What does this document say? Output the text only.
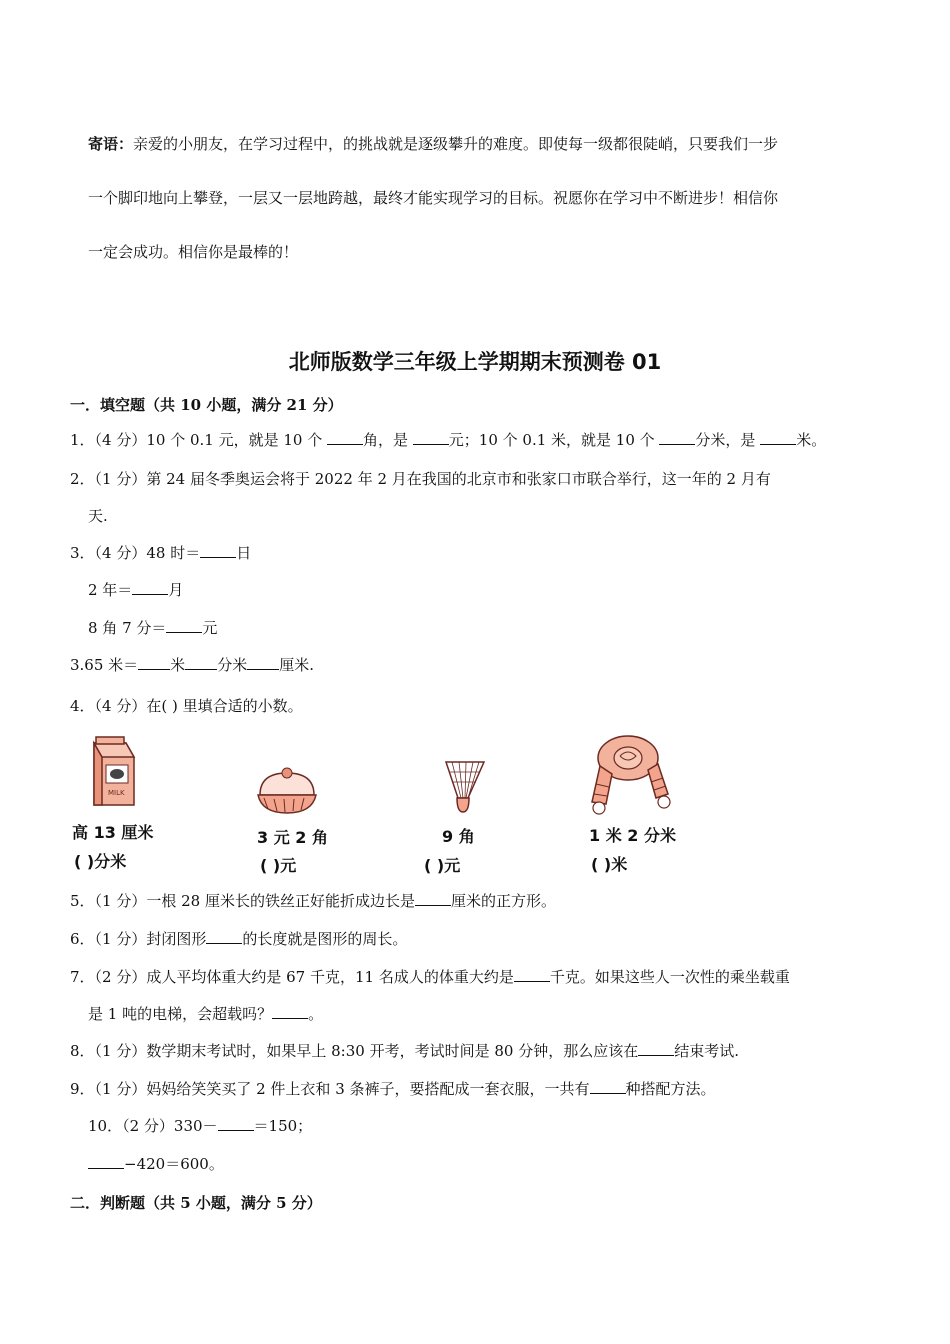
寄语：亲爱的小朋友，在学习过程中，的挑战就是逐级攀升的难度。即使每一级都很陡峭，只要我们一步
一个脚印地向上攀登，一层又一层地跨越，最终才能实现学习的目标。祝愿你在学习中不断进步！相信你
一定会成功。相信你是最棒的！
北师版数学三年级上学期期末预测卷 01
一．填空题（共 10 小题，满分 21 分）
1．（4 分）10 个 0.1 元，就是 10 个 角，是 元；10 个 0.1 米，就是 10 个 分米，是 米。
2．（1 分）第 24 届冬季奥运会将于 2022 年 2 月在我国的北京市和张家口市联合举行，这一年的 2 月有
天.
3．（4 分）48 时＝ 日
2 年＝ 月
8 角 7 分＝ 元
3.65 米＝ 米 分米 厘米.
4．（4 分）在( ) 里填合适的小数。
MILK
高 13 厘米
( )分米
3 元 2 角
( )元
9 角
( )元
1 米 2 分米
( )米
5．（1 分）一根 28 厘米长的铁丝正好能折成边长是 厘米的正方形。
6．（1 分）封闭图形 的长度就是图形的周长。
7．（2 分）成人平均体重大约是 67 千克，11 名成人的体重大约是 千克。如果这些人一次性的乘坐载重
是 1 吨的电梯，会超载吗？ 。
8．（1 分）数学期末考试时，如果早上 8:30 开考，考试时间是 80 分钟，那么应该在 结束考试.
9．（1 分）妈妈给笑笑买了 2 件上衣和 3 条裤子，要搭配成一套衣服，一共有 种搭配方法。
10．（2 分）330－ ＝150；
−420＝600。
二．判断题（共 5 小题，满分 5 分）
